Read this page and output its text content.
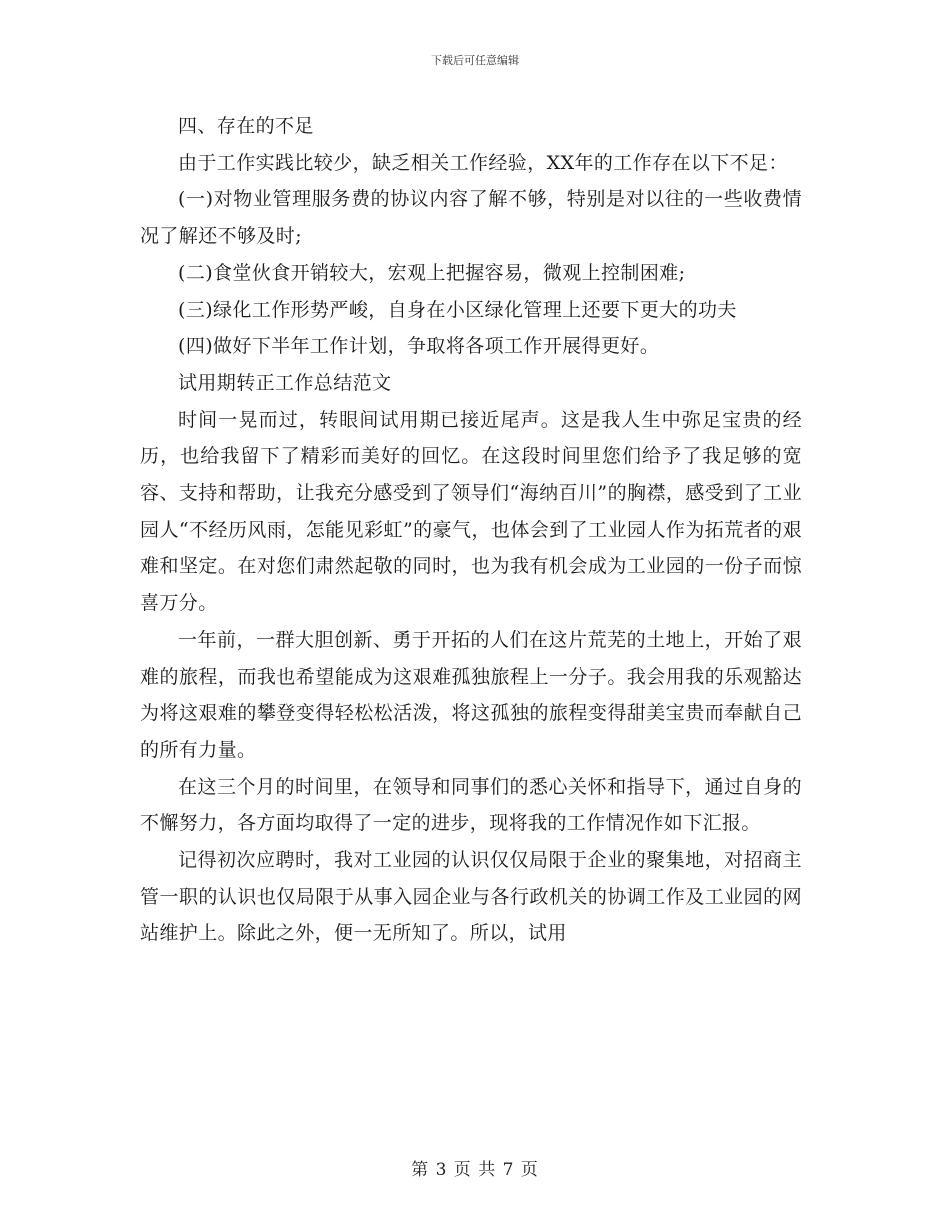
下载后可任意编辑

四、存在的不足

由于工作实践比较少，缺乏相关工作经验，XX年的工作存在以下不足：

(一)对物业管理服务费的协议内容了解不够，特别是对以往的一些收费情况了解还不够及时;

(二)食堂伙食开销较大，宏观上把握容易，微观上控制困难;

(三)绿化工作形势严峻，自身在小区绿化管理上还要下更大的功夫

(四)做好下半年工作计划，争取将各项工作开展得更好。

试用期转正工作总结范文

时间一晃而过，转眼间试用期已接近尾声。这是我人生中弥足宝贵的经历，也给我留下了精彩而美好的回忆。在这段时间里您们给予了我足够的宽容、支持和帮助，让我充分感受到了领导们“海纳百川”的胸襟，感受到了工业园人“不经历风雨，怎能见彩虹”的豪气，也体会到了工业园人作为拓荒者的艰难和坚定。在对您们肃然起敬的同时，也为我有机会成为工业园的一份子而惊喜万分。

一年前，一群大胆创新、勇于开拓的人们在这片荒芜的土地上，开始了艰难的旅程，而我也希望能成为这艰难孤独旅程上一分子。我会用我的乐观豁达为将这艰难的攀登变得轻松松活泼，将这孤独的旅程变得甜美宝贵而奉献自己的所有力量。

在这三个月的时间里，在领导和同事们的悉心关怀和指导下，通过自身的不懈努力，各方面均取得了一定的进步，现将我的工作情况作如下汇报。

记得初次应聘时，我对工业园的认识仅仅局限于企业的聚集地，对招商主管一职的认识也仅局限于从事入园企业与各行政机关的协调工作及工业园的网站维护上。除此之外，便一无所知了。所以，试用

第 3 页 共 7 页
